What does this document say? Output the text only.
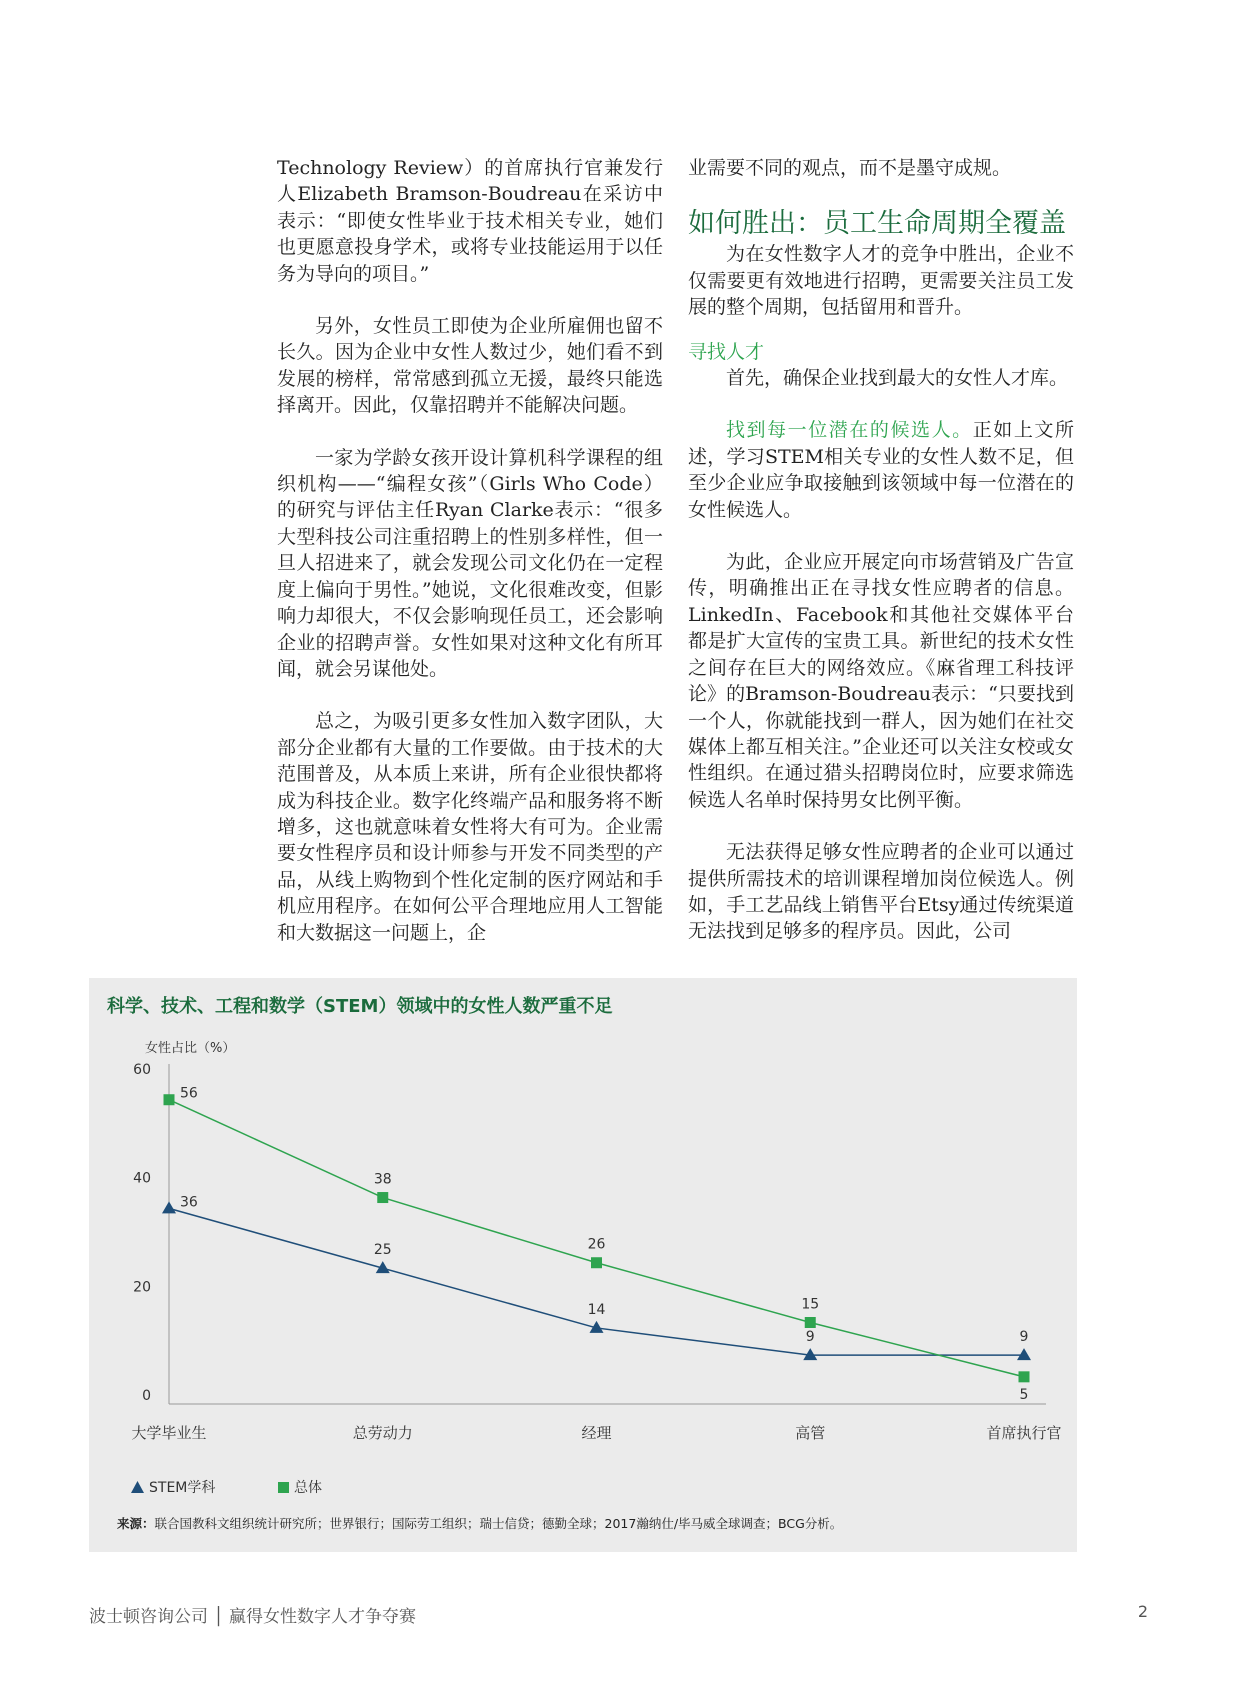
Technology Review）的首席执行官兼发行人Elizabeth Bramson-Boudreau在采访中表示：“即使女性毕业于技术相关专业，她们也更愿意投身学术，或将专业技能运用于以任务为导向的项目。”

另外，女性员工即使为企业所雇佣也留不长久。因为企业中女性人数过少，她们看不到发展的榜样，常常感到孤立无援，最终只能选择离开。因此，仅靠招聘并不能解决问题。

一家为学龄女孩开设计算机科学课程的组织机构——“编程女孩”（Girls Who Code）的研究与评估主任Ryan Clarke表示：“很多大型科技公司注重招聘上的性别多样性，但一旦人招进来了，就会发现公司文化仍在一定程度上偏向于男性。”她说，文化很难改变，但影响力却很大，不仅会影响现任员工，还会影响企业的招聘声誉。女性如果对这种文化有所耳闻，就会另谋他处。

总之，为吸引更多女性加入数字团队，大部分企业都有大量的工作要做。由于技术的大范围普及，从本质上来讲，所有企业很快都将成为科技企业。数字化终端产品和服务将不断增多，这也就意味着女性将大有可为。企业需要女性程序员和设计师参与开发不同类型的产品，从线上购物到个性化定制的医疗网站和手机应用程序。在如何公平合理地应用人工智能和大数据这一问题上，企

业需要不同的观点，而不是墨守成规。

如何胜出：员工生命周期全覆盖

为在女性数字人才的竞争中胜出，企业不仅需要更有效地进行招聘，更需要关注员工发展的整个周期，包括留用和晋升。

寻找人才

首先，确保企业找到最大的女性人才库。

找到每一位潜在的候选人。正如上文所述，学习STEM相关专业的女性人数不足，但至少企业应争取接触到该领域中每一位潜在的女性候选人。

为此，企业应开展定向市场营销及广告宣传，明确推出正在寻找女性应聘者的信息。LinkedIn、Facebook和其他社交媒体平台都是扩大宣传的宝贵工具。新世纪的技术女性之间存在巨大的网络效应。《麻省理工科技评论》的Bramson-Boudreau表示：“只要找到一个人，你就能找到一群人，因为她们在社交媒体上都互相关注。”企业还可以关注女校或女性组织。在通过猎头招聘岗位时，应要求筛选候选人名单时保持男女比例平衡。

无法获得足够女性应聘者的企业可以通过提供所需技术的培训课程增加岗位候选人。例如，手工艺品线上销售平台Etsy通过传统渠道无法找到足够多的程序员。因此，公司

科学、技术、工程和数学（STEM）领域中的女性人数严重不足
女性占比（%）
0
20
40
60
大学毕业生	总劳动力	经理	高管	首席执行官
36
25
14
9	9
56
38
26
15
5
STEM学科	总体
来源：联合国教科文组织统计研究所；世界银行；国际劳工组织；瑞士信贷；德勤全球；2017瀚纳仕/毕马威全球调查；BCG分析。
波士顿咨询公司 │ 赢得女性数字人才争夺赛	2
